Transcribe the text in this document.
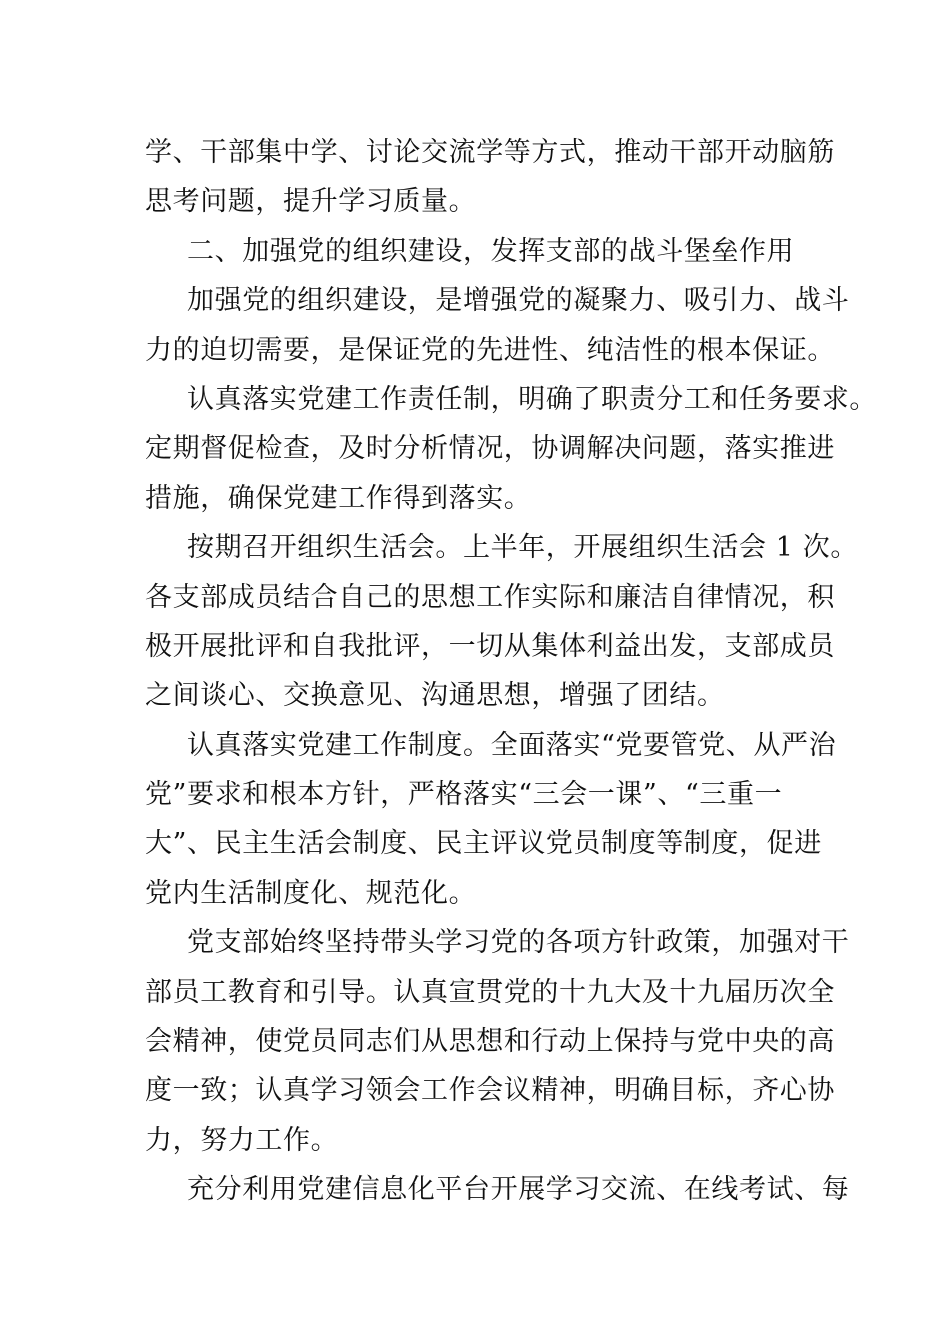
学、干部集中学、讨论交流学等方式，推动干部开动脑筋
思考问题，提升学习质量。
二、加强党的组织建设，发挥支部的战斗堡垒作用
加强党的组织建设，是增强党的凝聚力、吸引力、战斗
力的迫切需要，是保证党的先进性、纯洁性的根本保证。
认真落实党建工作责任制，明确了职责分工和任务要求。
定期督促检查，及时分析情况，协调解决问题，落实推进
措施，确保党建工作得到落实。
按期召开组织生活会。上半年，开展组织生活会 1 次。
各支部成员结合自己的思想工作实际和廉洁自律情况，积
极开展批评和自我批评，一切从集体利益出发，支部成员
之间谈心、交换意见、沟通思想，增强了团结。
认真落实党建工作制度。全面落实“党要管党、从严治
党”要求和根本方针，严格落实“三会一课”、“三重一
大”、民主生活会制度、民主评议党员制度等制度，促进
党内生活制度化、规范化。
党支部始终坚持带头学习党的各项方针政策，加强对干
部员工教育和引导。认真宣贯党的十九大及十九届历次全
会精神，使党员同志们从思想和行动上保持与党中央的高
度一致；认真学习领会工作会议精神，明确目标，齐心协
力，努力工作。
充分利用党建信息化平台开展学习交流、在线考试、每
